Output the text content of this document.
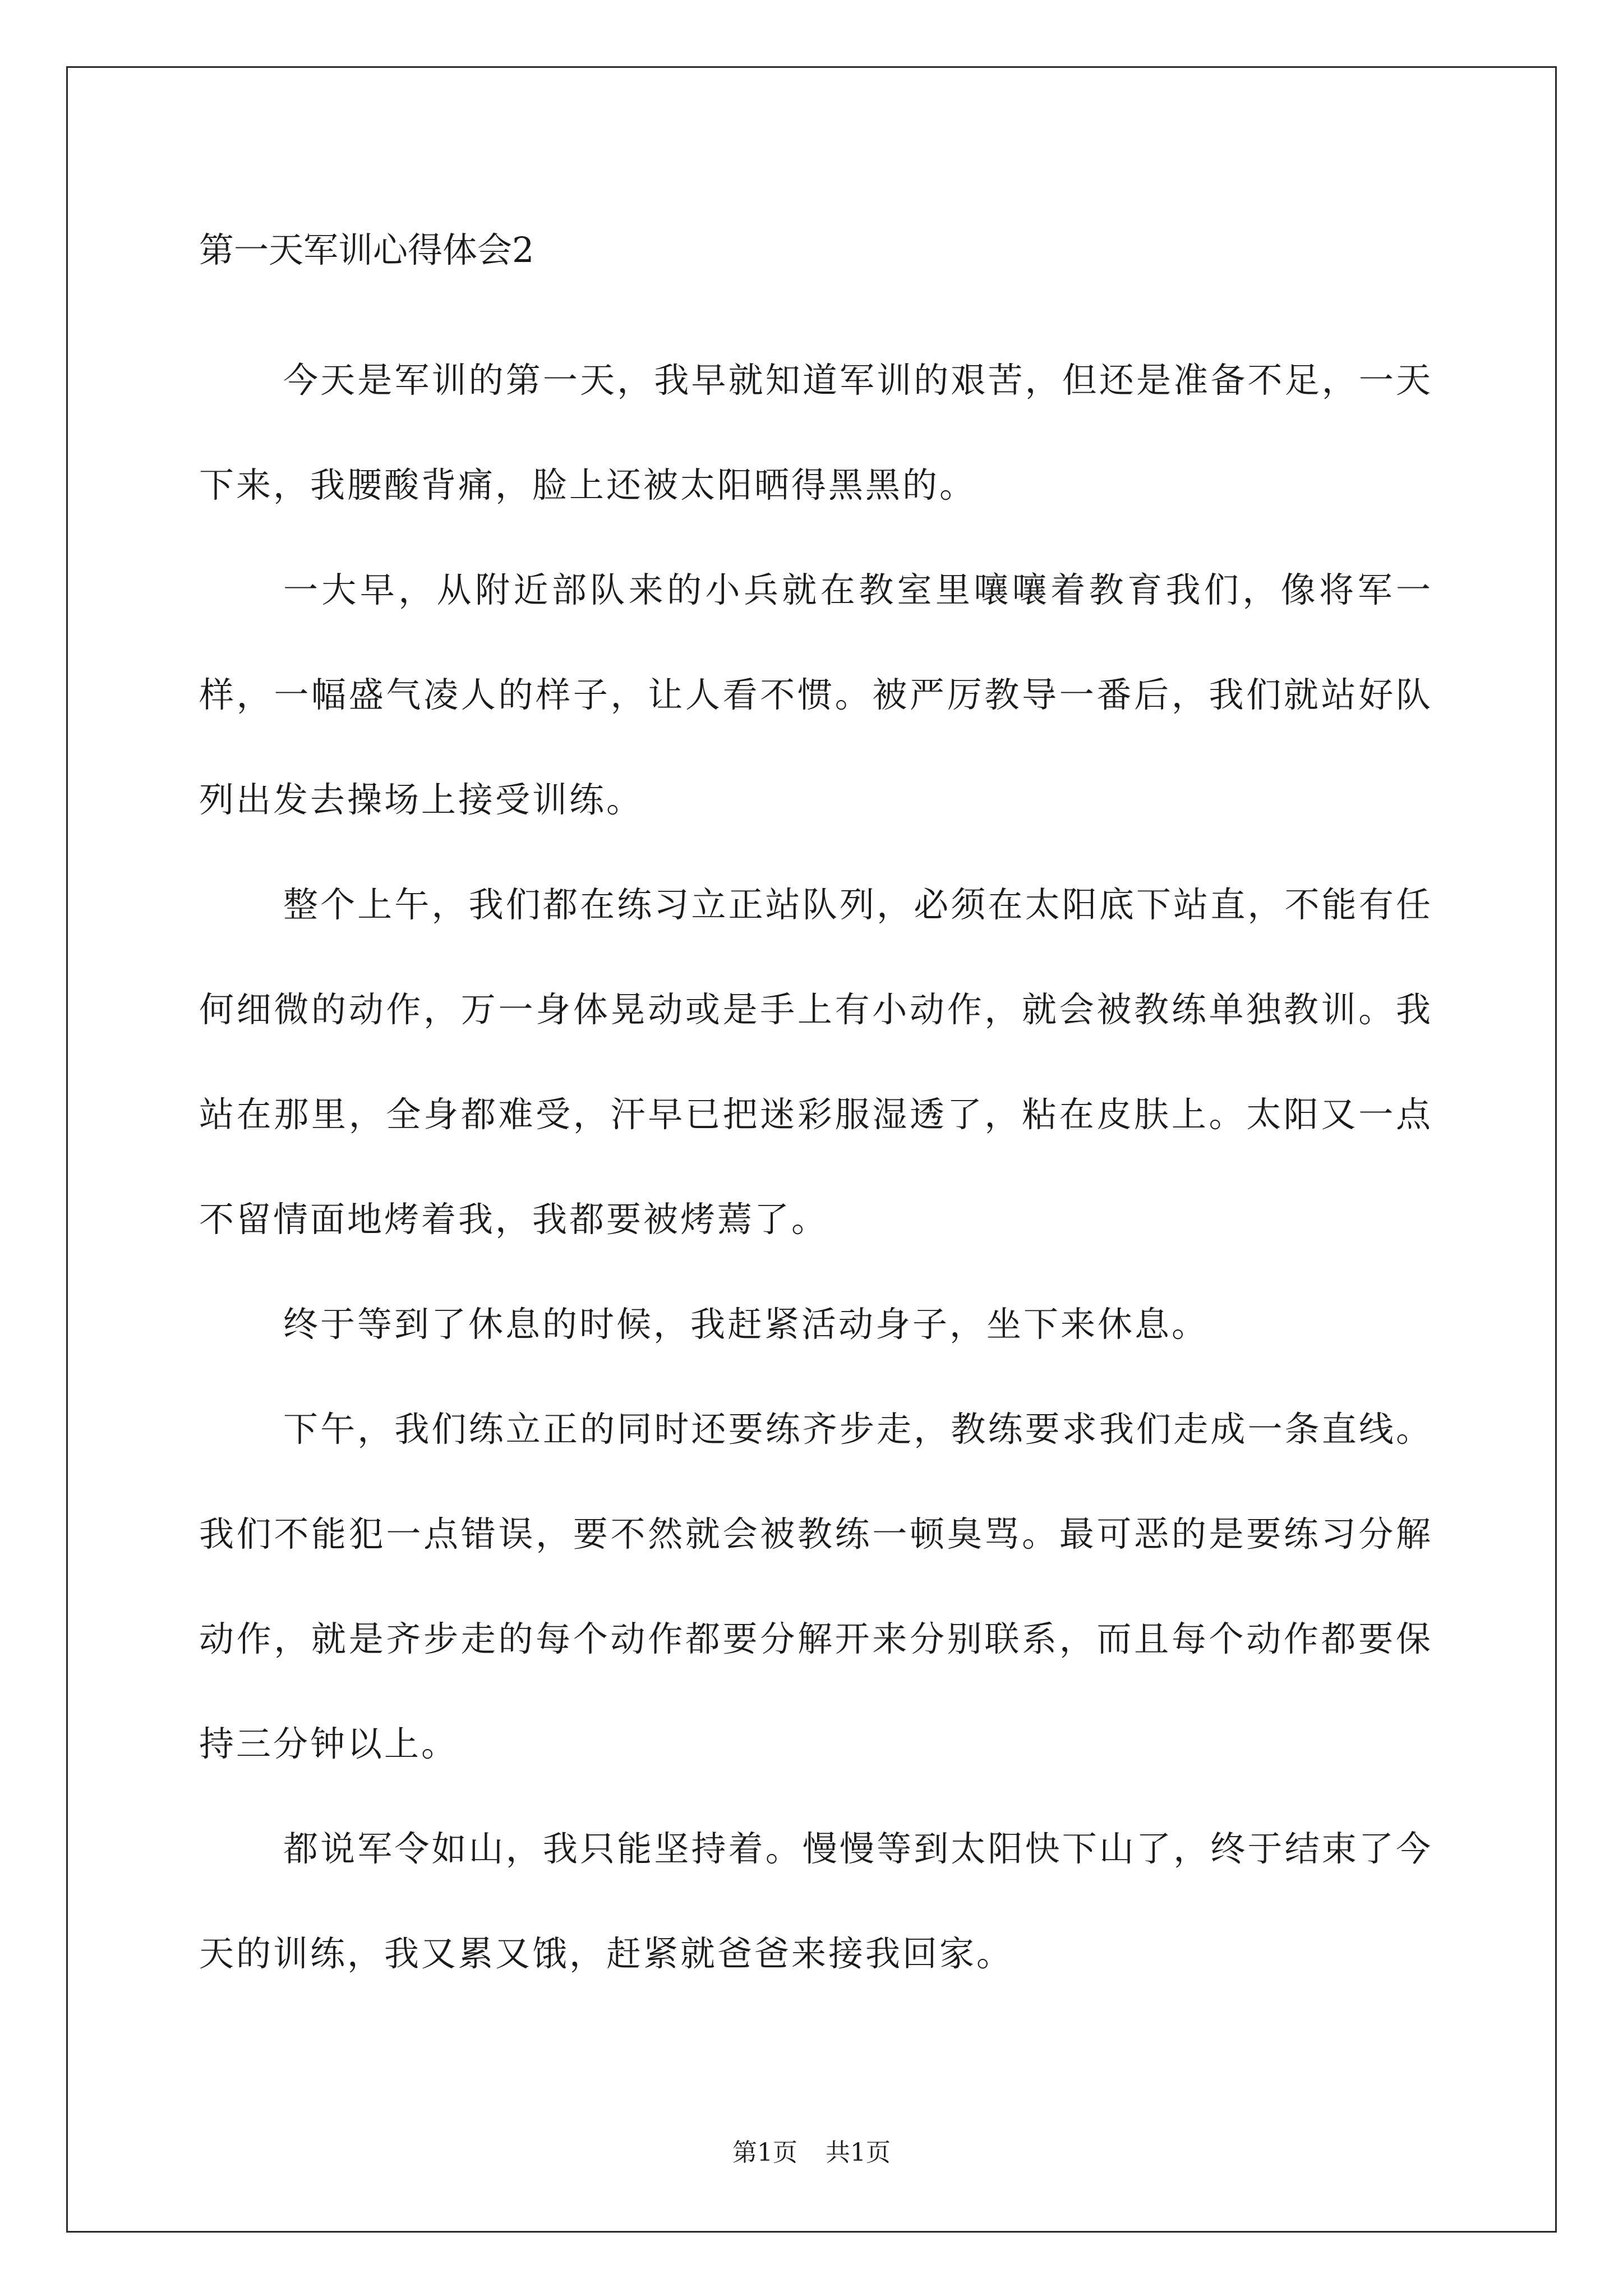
第一天军训心得体会2

今天是军训的第一天，我早就知道军训的艰苦，但还是准备不足，一天下来，我腰酸背痛，脸上还被太阳晒得黑黑的。

一大早，从附近部队来的小兵就在教室里嚷嚷着教育我们，像将军一样，一幅盛气凌人的样子，让人看不惯。被严厉教导一番后，我们就站好队列出发去操场上接受训练。

整个上午，我们都在练习立正站队列，必须在太阳底下站直，不能有任何细微的动作，万一身体晃动或是手上有小动作，就会被教练单独教训。我站在那里，全身都难受，汗早已把迷彩服湿透了，粘在皮肤上。太阳又一点不留情面地烤着我，我都要被烤蔫了。

终于等到了休息的时候，我赶紧活动身子，坐下来休息。

下午，我们练立正的同时还要练齐步走，教练要求我们走成一条直线。我们不能犯一点错误，要不然就会被教练一顿臭骂。最可恶的是要练习分解动作，就是齐步走的每个动作都要分解开来分别联系，而且每个动作都要保持三分钟以上。

都说军令如山，我只能坚持着。慢慢等到太阳快下山了，终于结束了今天的训练，我又累又饿，赶紧就爸爸来接我回家。

第1页 共1页
